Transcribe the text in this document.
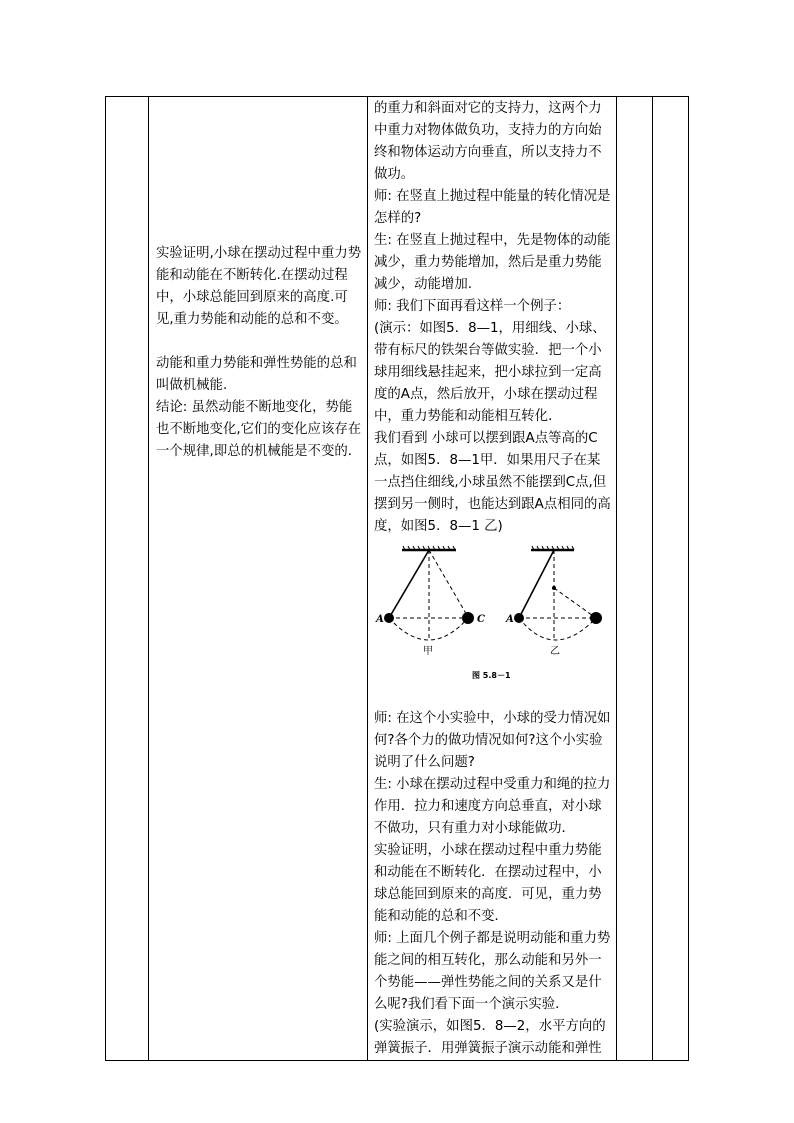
实验证明,小球在摆动过程中重力势能和动能在不断转化.在摆动过程中，小球总能回到原来的高度.可见,重力势能和动能的总和不变。

动能和重力势能和弹性势能的总和叫做机械能.

结论: 虽然动能不断地变化，势能也不断地变化,它们的变化应该存在一个规律,即总的机械能是不变的.

的重力和斜面对它的支持力，这两个力中重力对物体做负功，支持力的方向始终和物体运动方向垂直，所以支持力不做功。

师: 在竖直上抛过程中能量的转化情况是怎样的?

生: 在竖直上抛过程中，先是物体的动能减少，重力势能增加，然后是重力势能减少，动能增加.

师: 我们下面再看这样一个例子：

(演示：如图5．8—1，用细线、小球、带有标尺的铁架台等做实验．把一个小球用细线悬挂起来，把小球拉到一定高度的A点，然后放开，小球在摆动过程中，重力势能和动能相互转化．

我们看到 小球可以摆到跟A点等高的C点，如图5．8—1甲．如果用尺子在某一点挡住细线,小球虽然不能摆到C点,但摆到另一侧时，也能达到跟A点相同的高度，如图5．8—1 乙)

A	C
甲
A
乙
图 5.8－1

师: 在这个小实验中，小球的受力情况如何?各个力的做功情况如何?这个小实验说明了什么问题?

生: 小球在摆动过程中受重力和绳的拉力作用．拉力和速度方向总垂直，对小球不做功，只有重力对小球能做功．

实验证明，小球在摆动过程中重力势能和动能在不断转化．在摆动过程中，小球总能回到原来的高度．可见，重力势能和动能的总和不变．

师: 上面几个例子都是说明动能和重力势能之间的相互转化，那么动能和另外一个势能——弹性势能之间的关系又是什么呢?我们看下面一个演示实验．

(实验演示，如图5．8—2，水平方向的弹簧振子．用弹簧振子演示动能和弹性
